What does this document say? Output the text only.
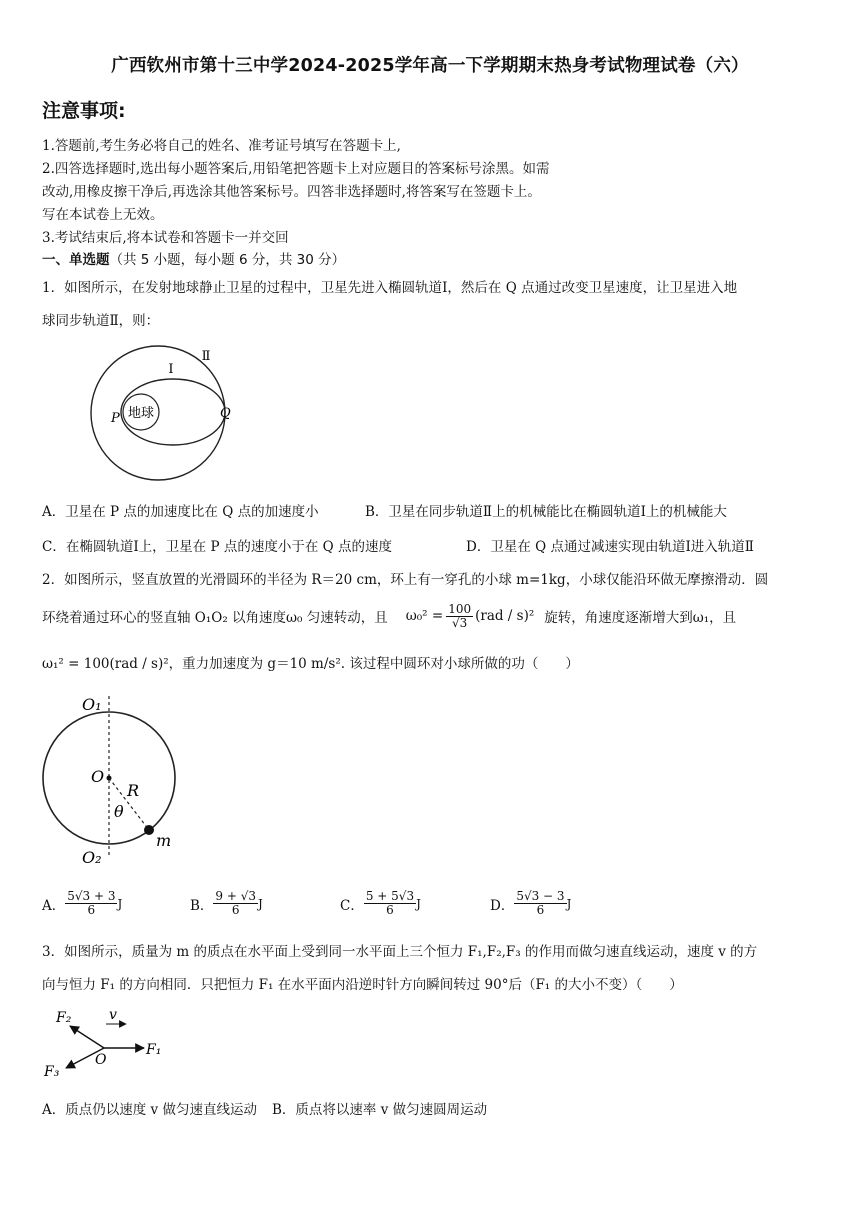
广西钦州市第十三中学2024-2025学年高一下学期期末热身考试物理试卷（六）
注意事项:
1.答题前,考生务必将自己的姓名、准考证号填写在答题卡上,
2.四答选择题时,选出每小题答案后,用铅笔把答题卡上对应题目的答案标号涂黑。如需
改动,用橡皮擦干净后,再选涂其他答案标号。四答非选择题时,将答案写在签题卡上。
写在本试卷上无效。
3.考试结束后,将本试卷和答题卡一并交回
一、单选题（共 5 小题，每小题 6 分，共 30 分）
1．如图所示，在发射地球静止卫星的过程中，卫星先进入椭圆轨道Ⅰ，然后在 Q 点通过改变卫星速度，让卫星进入地
球同步轨道Ⅱ，则：
地球
Ⅰ
Ⅱ
P	Q
A．卫星在 P 点的加速度比在 Q 点的加速度小	B．卫星在同步轨道Ⅱ上的机械能比在椭圆轨道Ⅰ上的机械能大
C．在椭圆轨道Ⅰ上，卫星在 P 点的速度小于在 Q 点的速度	D．卫星在 Q 点通过减速实现由轨道Ⅰ进入轨道Ⅱ
2．如图所示，竖直放置的光滑圆环的半径为 R＝20 cm，环上有一穿孔的小球 m=1kg，小球仅能沿环做无摩擦滑动．圆
环绕着通过环心的竖直轴 O₁O₂ 以角速度ω₀ 匀速转动，且 $\omega_0^2 = \frac{100}{√3} (rad / s)^2$ 旋转，角速度逐渐增大到ω₁，且
ω₁² = 100(rad / s)²，重力加速度为 g＝10 m/s². 该过程中圆环对小球所做的功（　　）
O₁
O₂
O
R
θ
m
A． $\frac{5√3 + 3}{6}$ J	B． $\frac{9 + √3}{6}$ J	C． $\frac{5 + 5√3}{6}$ J	D． $\frac{5√3 - 3}{6}$ J
3．如图所示，质量为 m 的质点在水平面上受到同一水平面上三个恒力 F₁,F₂,F₃ 的作用而做匀速直线运动，速度 v 的方
向与恒力 F₁ 的方向相同．只把恒力 F₁ 在水平面内沿逆时针方向瞬间转过 90°后（F₁ 的大小不变）（　　）
F₁
F₂
F₃
v
O
A．质点仍以速度 v 做匀速直线运动 B．质点将以速率 v 做匀速圆周运动
